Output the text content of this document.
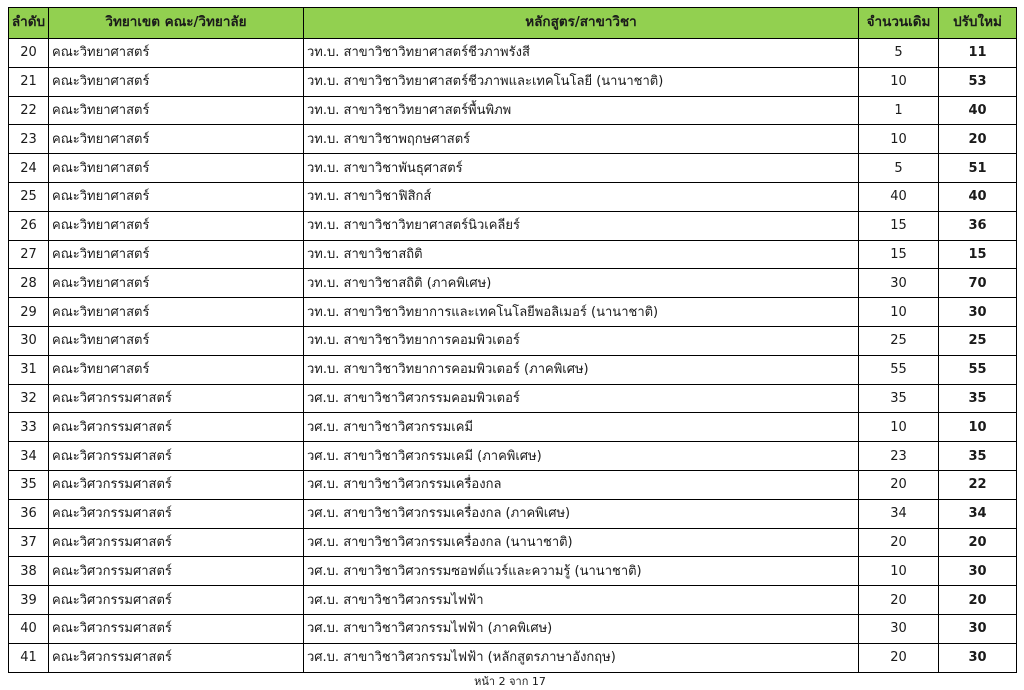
ลำดับ	วิทยาเขต คณะ/วิทยาลัย	หลักสูตร/สาขาวิชา	จำนวนเดิม	ปรับใหม่
20	คณะวิทยาศาสตร์	วท.บ. สาขาวิชาวิทยาศาสตร์ชีวภาพรังสี	5	11
21	คณะวิทยาศาสตร์	วท.บ. สาขาวิชาวิทยาศาสตร์ชีวภาพและเทคโนโลยี (นานาชาติ)	10	53
22	คณะวิทยาศาสตร์	วท.บ. สาขาวิชาวิทยาศาสตร์พื้นพิภพ	1	40
23	คณะวิทยาศาสตร์	วท.บ. สาขาวิชาพฤกษศาสตร์	10	20
24	คณะวิทยาศาสตร์	วท.บ. สาขาวิชาพันธุศาสตร์	5	51
25	คณะวิทยาศาสตร์	วท.บ. สาขาวิชาฟิสิกส์	40	40
26	คณะวิทยาศาสตร์	วท.บ. สาขาวิชาวิทยาศาสตร์นิวเคลียร์	15	36
27	คณะวิทยาศาสตร์	วท.บ. สาขาวิชาสถิติ	15	15
28	คณะวิทยาศาสตร์	วท.บ. สาขาวิชาสถิติ (ภาคพิเศษ)	30	70
29	คณะวิทยาศาสตร์	วท.บ. สาขาวิชาวิทยาการและเทคโนโลยีพอลิเมอร์ (นานาชาติ)	10	30
30	คณะวิทยาศาสตร์	วท.บ. สาขาวิชาวิทยาการคอมพิวเตอร์	25	25
31	คณะวิทยาศาสตร์	วท.บ. สาขาวิชาวิทยาการคอมพิวเตอร์ (ภาคพิเศษ)	55	55
32	คณะวิศวกรรมศาสตร์	วศ.บ. สาขาวิชาวิศวกรรมคอมพิวเตอร์	35	35
33	คณะวิศวกรรมศาสตร์	วศ.บ. สาขาวิชาวิศวกรรมเคมี	10	10
34	คณะวิศวกรรมศาสตร์	วศ.บ. สาขาวิชาวิศวกรรมเคมี (ภาคพิเศษ)	23	35
35	คณะวิศวกรรมศาสตร์	วศ.บ. สาขาวิชาวิศวกรรมเครื่องกล	20	22
36	คณะวิศวกรรมศาสตร์	วศ.บ. สาขาวิชาวิศวกรรมเครื่องกล (ภาคพิเศษ)	34	34
37	คณะวิศวกรรมศาสตร์	วศ.บ. สาขาวิชาวิศวกรรมเครื่องกล (นานาชาติ)	20	20
38	คณะวิศวกรรมศาสตร์	วศ.บ. สาขาวิชาวิศวกรรมซอฟต์แวร์และความรู้ (นานาชาติ)	10	30
39	คณะวิศวกรรมศาสตร์	วศ.บ. สาขาวิชาวิศวกรรมไฟฟ้า	20	20
40	คณะวิศวกรรมศาสตร์	วศ.บ. สาขาวิชาวิศวกรรมไฟฟ้า (ภาคพิเศษ)	30	30
41	คณะวิศวกรรมศาสตร์	วศ.บ. สาขาวิชาวิศวกรรมไฟฟ้า (หลักสูตรภาษาอังกฤษ)	20	30
หน้า 2 จาก 17
